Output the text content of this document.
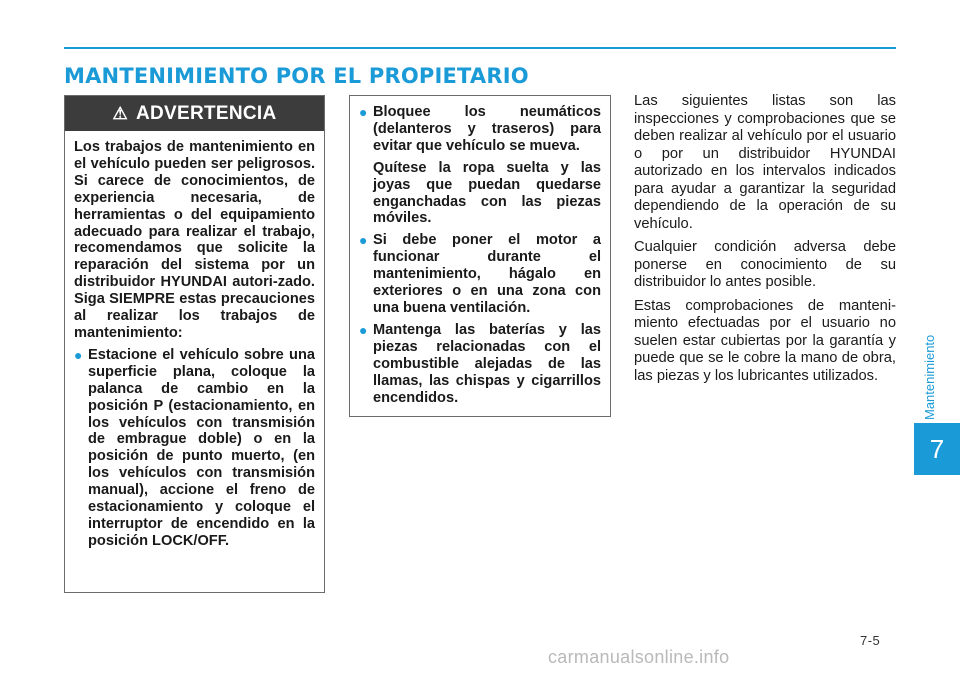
MANTENIMIENTO POR EL PROPIETARIO
Mantenimiento
7
⚠ ADVERTENCIA

Los trabajos de mantenimiento en el vehículo pueden ser peligrosos. Si carece de conocimientos, de experiencia necesaria, de herramientas o del equipamiento adecuado para realizar el trabajo, recomendamos que solicite la reparación del sistema por un distribuidor HYUNDAI autori-zado. Siga SIEMPRE estas precauciones al realizar los trabajos de mantenimiento:

● Estacione el vehículo sobre una superficie plana, coloque la palanca de cambio en la posición P (estacionamiento, en los vehículos con transmisión de embrague doble) o en la posición de punto muerto, (en los vehículos con transmisión manual), accione el freno de estacionamiento y coloque el interruptor de encendido en la posición LOCK/OFF.
● Bloquee los neumáticos (delanteros y traseros) para evitar que vehículo se mueva.

Quítese la ropa suelta y las joyas que puedan quedarse enganchadas con las piezas móviles.

● Si debe poner el motor a funcionar durante el mantenimiento, hágalo en exteriores o en una zona con una buena ventilación.
● Mantenga las baterías y las piezas relacionadas con el combustible alejadas de las llamas, las chispas y cigarrillos encendidos.

Las siguientes listas son las inspecciones y comprobaciones que se deben realizar al vehículo por el usuario o por un distribuidor HYUNDAI autorizado en los intervalos indicados para ayudar a garantizar la seguridad dependiendo de la operación de su vehículo.

Cualquier condición adversa debe ponerse en conocimiento de su distribuidor lo antes posible.

Estas comprobaciones de manteni-miento efectuadas por el usuario no suelen estar cubiertas por la garantía y puede que se le cobre la mano de obra, las piezas y los lubricantes utilizados.

7-5
carmanualsonline.info
